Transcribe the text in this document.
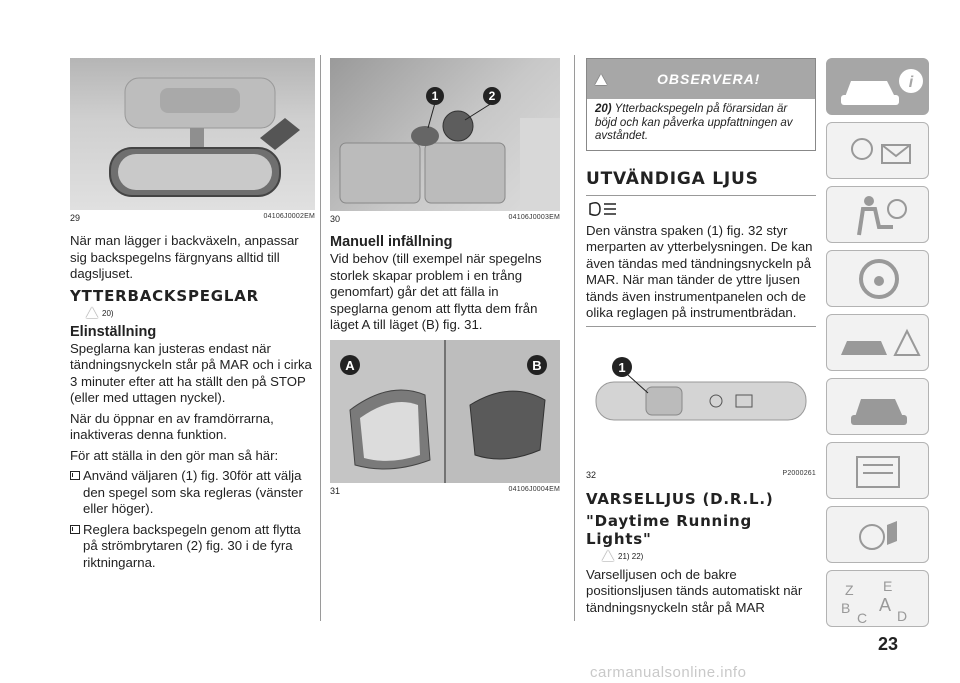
29	04106J0002EM

När man lägger i backväxeln, anpassar sig backspegelns färgnyans alltid till dagsljuset.

YTTERBACKSPEGLAR
20)
Elinställning

Speglarna kan justeras endast när tändningsnyckeln står på MAR och i cirka 3 minuter efter att ha ställt den på STOP (eller med uttagen nyckel).

När du öppnar en av framdörrarna, inaktiveras denna funktion.

För att ställa in den gör man så här:

Använd väljaren (1) fig. 30för att välja den spegel som ska regleras (vänster eller höger).

Reglera backspegeln genom att flytta på strömbrytaren (2) fig. 30 i de fyra riktningarna.

1	2
30	04106J0003EM
Manuell infällning

Vid behov (till exempel när spegelns storlek skapar problem i en trång genomfart) går det att fälla in speglarna genom att flytta dem från läget A till läget (B) fig. 31.

A	B
31	04106J0004EM
OBSERVERA!
20) Ytterbackspegeln på förarsidan är böjd och kan påverka uppfattningen av avståndet.
UTVÄNDIGA LJUS

Den vänstra spaken (1) fig. 32 styr merparten av ytterbelysningen. De kan även tändas med tändningsnyckeln på MAR. När man tänder de yttre ljusen tänds även instrumentpanelen och de olika reglagen på instrumentbrädan.

1
32	P2000261
VARSELLJUS (D.R.L.)
"Daytime Running Lights"
21) 22)

Varselljusen och de bakre positionsljusen tänds automatiskt när tändningsnyckeln står på MAR

i
Z E
B A
C D
23
carmanualsonline.info
